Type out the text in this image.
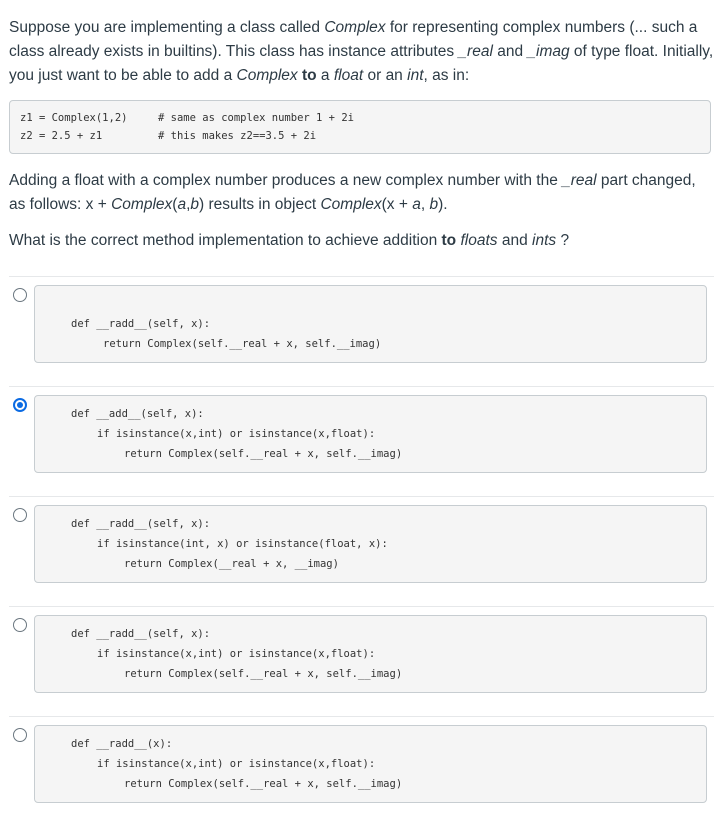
Suppose you are implementing a class called Complex for representing complex numbers (... such a class already exists in builtins). This class has instance attributes _real and _imag of type float. Initially, you just want to be able to add a Complex to a float or an int, as in:

z1 = Complex(1,2)	# same as complex number 1 + 2i
z2 = 2.5 + z1	# this makes z2==3.5 + 2i

Adding a float with a complex number produces a new complex number with the _real part changed, as follows: x + Complex(a,b) results in object Complex(x + a, b).

What is the correct method implementation to achieve addition to floats and ints ?

def __radd__(self, x):
return Complex(self.__real + x, self.__imag)
def __add__(self, x):
if isinstance(x,int) or isinstance(x,float):
return Complex(self.__real + x, self.__imag)
def __radd__(self, x):
if isinstance(int, x) or isinstance(float, x):
return Complex(__real + x, __imag)
def __radd__(self, x):
if isinstance(x,int) or isinstance(x,float):
return Complex(self.__real + x, self.__imag)
def __radd__(x):
if isinstance(x,int) or isinstance(x,float):
return Complex(self.__real + x, self.__imag)
